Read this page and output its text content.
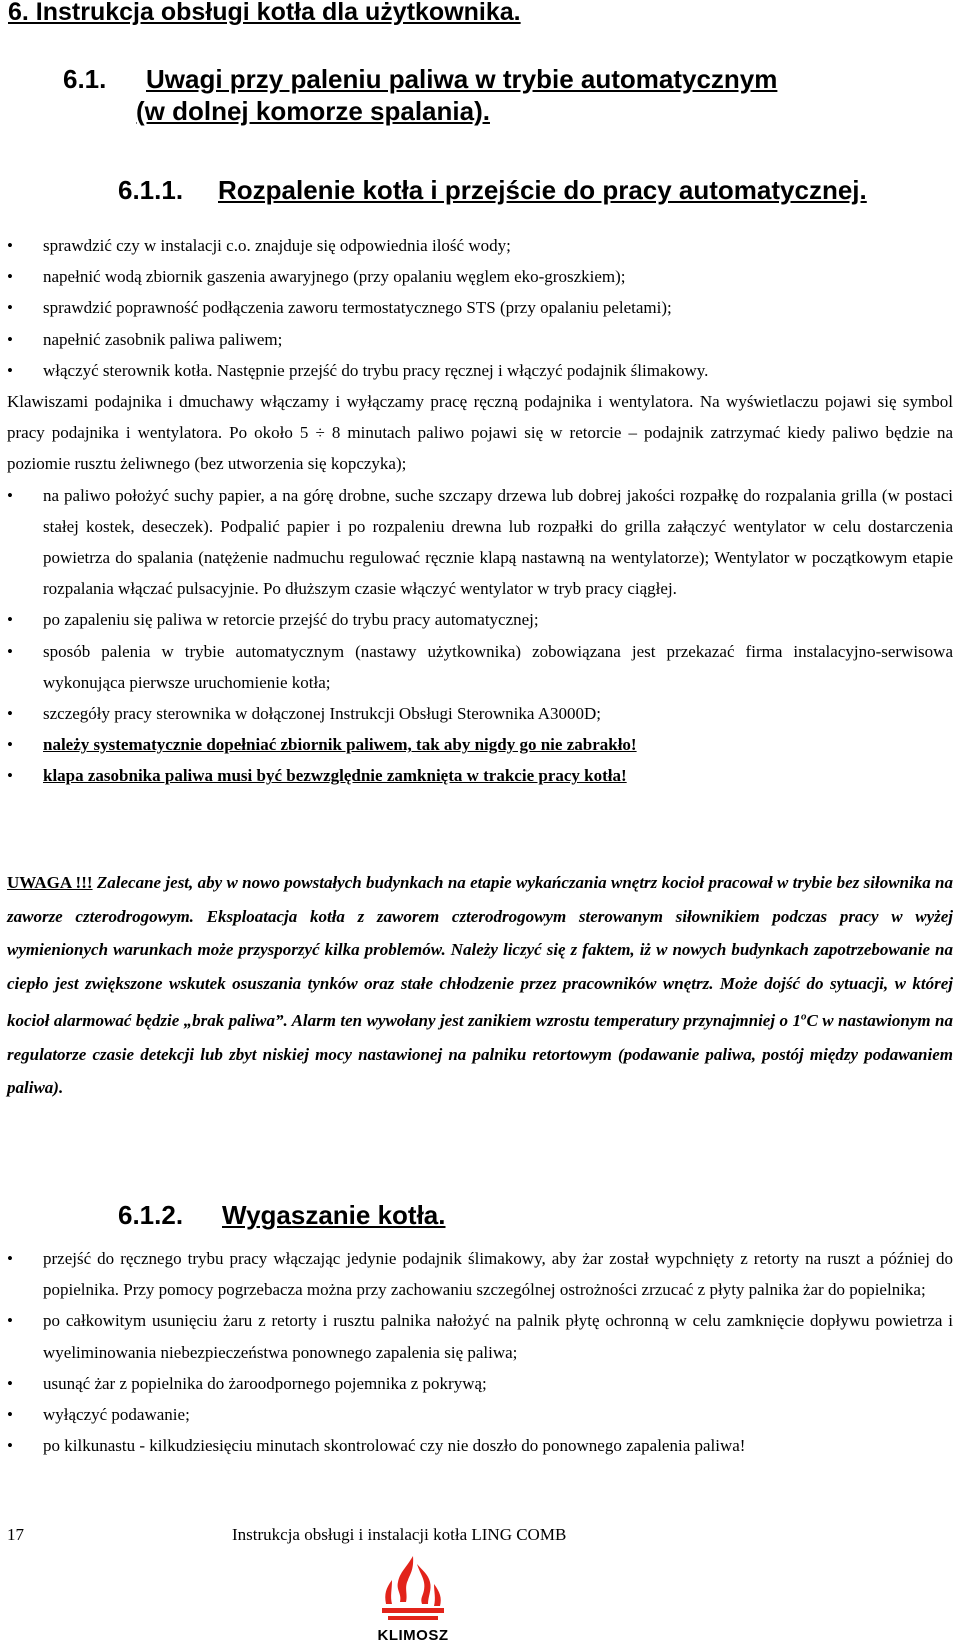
6. Instrukcja obsługi kotła dla użytkownika.
6.1. Uwagi przy paleniu paliwa w trybie automatycznym
(w dolnej komorze spalania).
6.1.1. Rozpalenie kotła i przejście do pracy automatycznej.
• sprawdzić czy w instalacji c.o. znajduje się odpowiednia ilość wody;
• napełnić wodą zbiornik gaszenia awaryjnego (przy opalaniu węglem eko-groszkiem);
• sprawdzić poprawność podłączenia zaworu termostatycznego STS (przy opalaniu peletami);
• napełnić zasobnik paliwa paliwem;
• włączyć sterownik kotła. Następnie przejść do trybu pracy ręcznej i włączyć podajnik ślimakowy.

Klawiszami podajnika i dmuchawy włączamy i wyłączamy pracę ręczną podajnika i wentylatora. Na wyświetlaczu pojawi się symbol pracy podajnika i wentylatora. Po około 5 ÷ 8 minutach paliwo pojawi się w retorcie – podajnik zatrzymać kiedy paliwo będzie na poziomie rusztu żeliwnego (bez utworzenia się kopczyka);

• na paliwo położyć suchy papier, a na górę drobne, suche szczapy drzewa lub dobrej jakości rozpałkę do rozpalania grilla (w postaci stałej kostek, deseczek). Podpalić papier i po rozpaleniu drewna lub rozpałki do grilla załączyć wentylator w celu dostarczenia powietrza do spalania (natężenie nadmuchu regulować ręcznie klapą nastawną na wentylatorze); Wentylator w początkowym etapie rozpalania włączać pulsacyjnie. Po dłuższym czasie włączyć wentylator w tryb pracy ciągłej.
• po zapaleniu się paliwa w retorcie przejść do trybu pracy automatycznej;
• sposób palenia w trybie automatycznym (nastawy użytkownika) zobowiązana jest przekazać firma instalacyjno-serwisowa wykonująca pierwsze uruchomienie kotła;
• szczegóły pracy sterownika w dołączonej Instrukcji Obsługi Sterownika A3000D;
• należy systematycznie dopełniać zbiornik paliwem, tak aby nigdy go nie zabrakło!
• klapa zasobnika paliwa musi być bezwzględnie zamknięta w trakcie pracy kotła!

UWAGA !!! Zalecane jest, aby w nowo powstałych budynkach na etapie wykańczania wnętrz kocioł pracował w trybie bez siłownika na zaworze czterodrogowym. Eksploatacja kotła z zaworem czterodrogowym sterowanym siłownikiem podczas pracy w wyżej wymienionych warunkach może przysporzyć kilka problemów. Należy liczyć się z faktem, iż w nowych budynkach zapotrzebowanie na ciepło jest zwiększone wskutek osuszania tynków oraz stałe chłodzenie przez pracowników wnętrz. Może dojść do sytuacji, w której kocioł alarmować będzie „brak paliwa”. Alarm ten wywołany jest zanikiem wzrostu temperatury przynajmniej o 1$^o$C w nastawionym na regulatorze czasie detekcji lub zbyt niskiej mocy nastawionej na palniku retortowym (podawanie paliwa, postój między podawaniem paliwa).

6.1.2. Wygaszanie kotła.
• przejść do ręcznego trybu pracy włączając jedynie podajnik ślimakowy, aby żar został wypchnięty z retorty na ruszt a później do popielnika. Przy pomocy pogrzebacza można przy zachowaniu szczególnej ostrożności zrzucać z płyty palnika żar do popielnika;
• po całkowitym usunięciu żaru z retorty i rusztu palnika nałożyć na palnik płytę ochronną w celu zamknięcie dopływu powietrza i wyeliminowania niebezpieczeństwa ponownego zapalenia się paliwa;
• usunąć żar z popielnika do żaroodpornego pojemnika z pokrywą;
• wyłączyć podawanie;
• po kilkunastu - kilkudziesięciu minutach skontrolować czy nie doszło do ponownego zapalenia paliwa!
17	Instrukcja obsługi i instalacji kotła LING COMB
KLIMOSZ
